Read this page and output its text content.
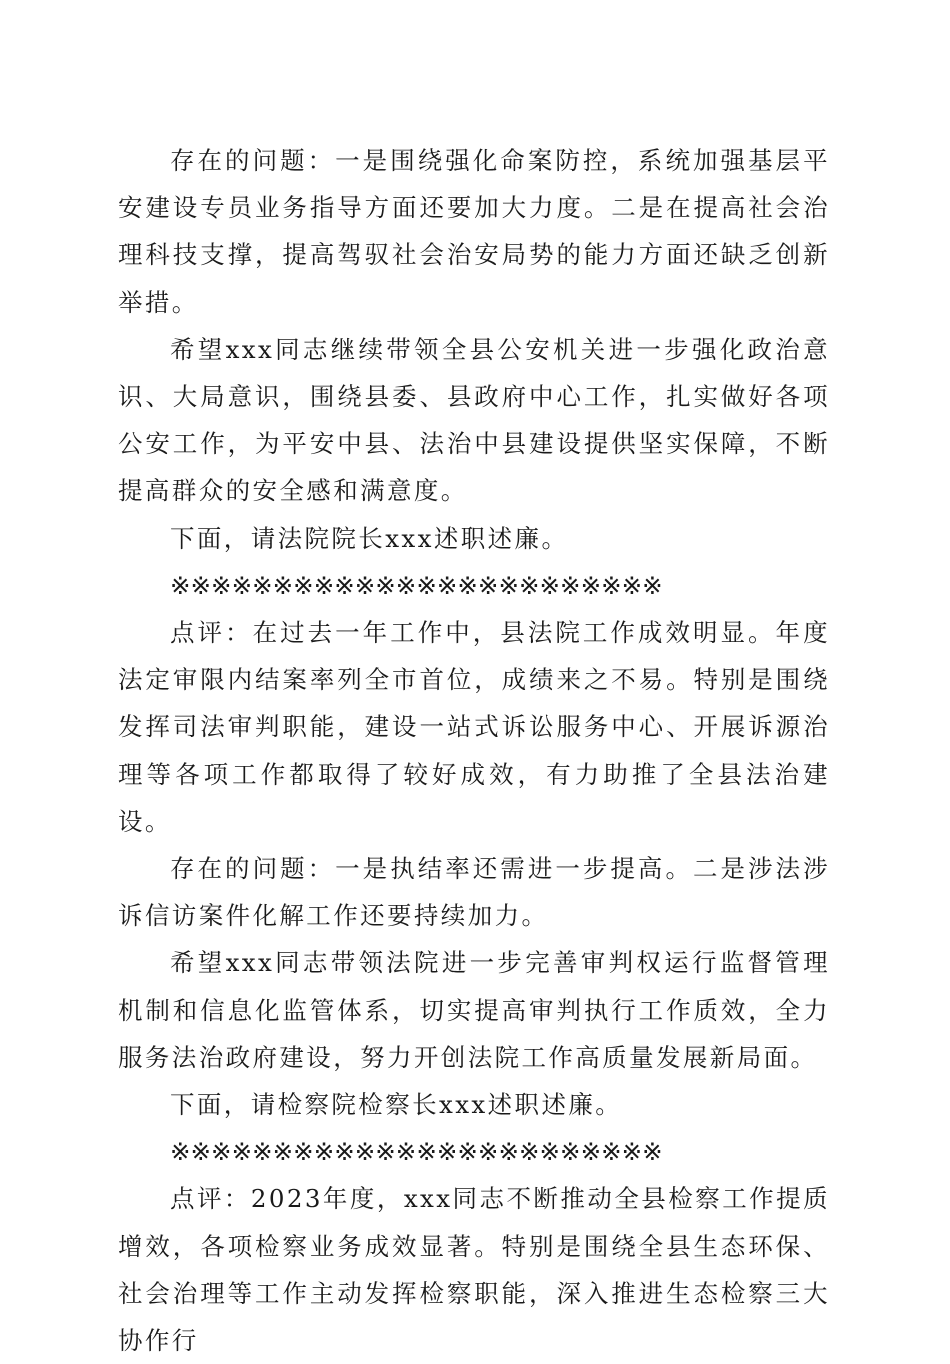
存在的问题：一是围绕强化命案防控，系统加强基层平安建设专员业务指导方面还要加大力度。二是在提高社会治理科技支撑，提高驾驭社会治安局势的能力方面还缺乏创新举措。

希望xxx同志继续带领全县公安机关进一步强化政治意识、大局意识，围绕县委、县政府中心工作，扎实做好各项公安工作，为平安中县、法治中县建设提供坚实保障，不断提高群众的安全感和满意度。

下面，请法院院长xxx述职述廉。

※※※※※※※※※※※※※※※※※※※※※※※※

点评：在过去一年工作中，县法院工作成效明显。年度法定审限内结案率列全市首位，成绩来之不易。特别是围绕发挥司法审判职能，建设一站式诉讼服务中心、开展诉源治理等各项工作都取得了较好成效，有力助推了全县法治建设。

存在的问题：一是执结率还需进一步提高。二是涉法涉诉信访案件化解工作还要持续加力。

希望xxx同志带领法院进一步完善审判权运行监督管理机制和信息化监管体系，切实提高审判执行工作质效，全力服务法治政府建设，努力开创法院工作高质量发展新局面。

下面，请检察院检察长xxx述职述廉。

※※※※※※※※※※※※※※※※※※※※※※※※

点评：2023年度，xxx同志不断推动全县检察工作提质增效，各项检察业务成效显著。特别是围绕全县生态环保、社会治理等工作主动发挥检察职能，深入推进生态检察三大协作行
